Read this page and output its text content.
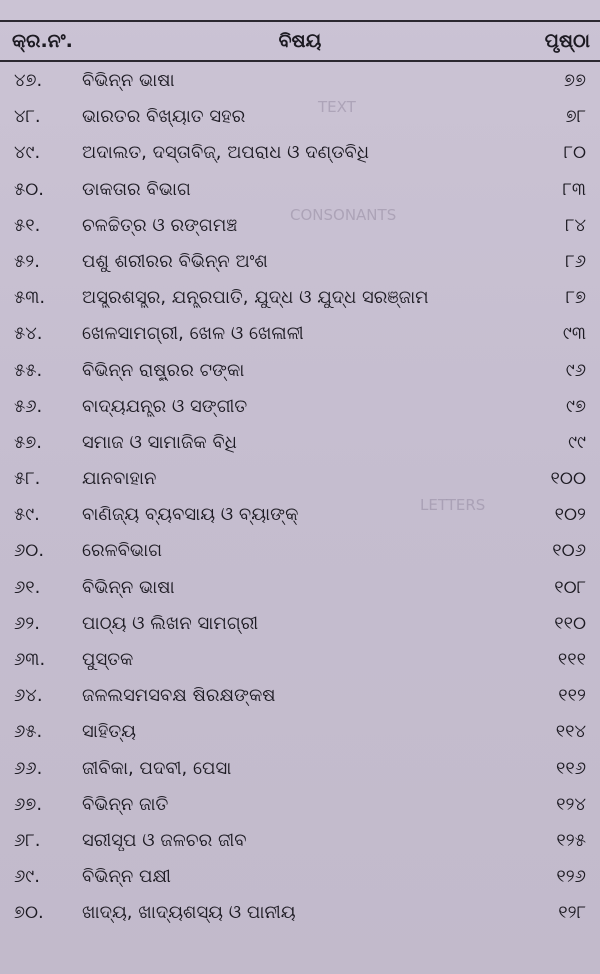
TEXT
CONSONANTS
LETTERS
କ୍ର.ନଂ.	ବିଷୟ	ପୃଷ୍ଠା
୪୭.	ବିଭିନ୍ନ ଭାଷା	୭୭
୪୮.	ଭାରତର ବିଖ୍ୟାତ ସହର	୭୮
୪୯.	ଅଦାଲତ, ଦସ୍ତାବିଜ୍, ଅପରାଧ ଓ ଦଣ୍ଡବିଧି	୮୦
୫୦.	ଡାକତାର ବିଭାଗ	୮୩
୫୧.	ଚଳଚ୍ଚିତ୍ର ଓ ରଙ୍ଗମଞ୍ଚ	୮୪
୫୨.	ପଶୁ ଶରୀରର ବିଭିନ୍ନ ଅଂଶ	୮୬
୫୩.	ଅସ୍ତ୍ରଶସ୍ତ୍ର, ଯନ୍ତ୍ରପାତି, ଯୁଦ୍ଧ ଓ ଯୁଦ୍ଧ ସରଞ୍ଜାମ	୮୭
୫୪.	ଖେଳସାମଗ୍ରୀ, ଖେଳ ଓ ଖେଳାଳୀ	୯୩
୫୫.	ବିଭିନ୍ନ ରାଷ୍ଟ୍ରର ଟଙ୍କା	୯୬
୫୬.	ବାଦ୍ୟଯନ୍ତ୍ର ଓ ସଙ୍ଗୀତ	୯୭
୫୭.	ସମାଜ ଓ ସାମାଜିକ ବିଧି	୯୯
୫୮.	ଯାନବାହାନ	୧୦୦
୫୯.	ବାଣିଜ୍ୟ ବ୍ୟବସାୟ ଓ ବ୍ୟାଙ୍କ୍	୧୦୨
୬୦.	ରେଳବିଭାଗ	୧୦୬
୬୧.	ବିଭିନ୍ନ ଭାଷା	୧୦୮
୬୨.	ପାଠ୍ୟ ଓ ଲିଖନ ସାମଗ୍ରୀ	୧୧୦
୬୩.	ପୁସ୍ତକ	୧୧୧
୬୪.	ଜଳଲସମସବକ୍ଷ ଷିରକ୍ଷଙ୍କଷ	୧୧୨
୬୫.	ସାହିତ୍ୟ	୧୧୪
୬୬.	ଜୀବିକା, ପଦବୀ, ପେସା	୧୧୬
୬୭.	ବିଭିନ୍ନ ଜାତି	୧୨୪
୬୮.	ସରୀସୃପ ଓ ଜଳଚର ଜୀବ	୧୨୫
୬୯.	ବିଭିନ୍ନ ପକ୍ଷୀ	୧୨୬
୭୦.	ଖାଦ୍ୟ, ଖାଦ୍ୟଶସ୍ୟ ଓ ପାନୀୟ	୧୨୮
